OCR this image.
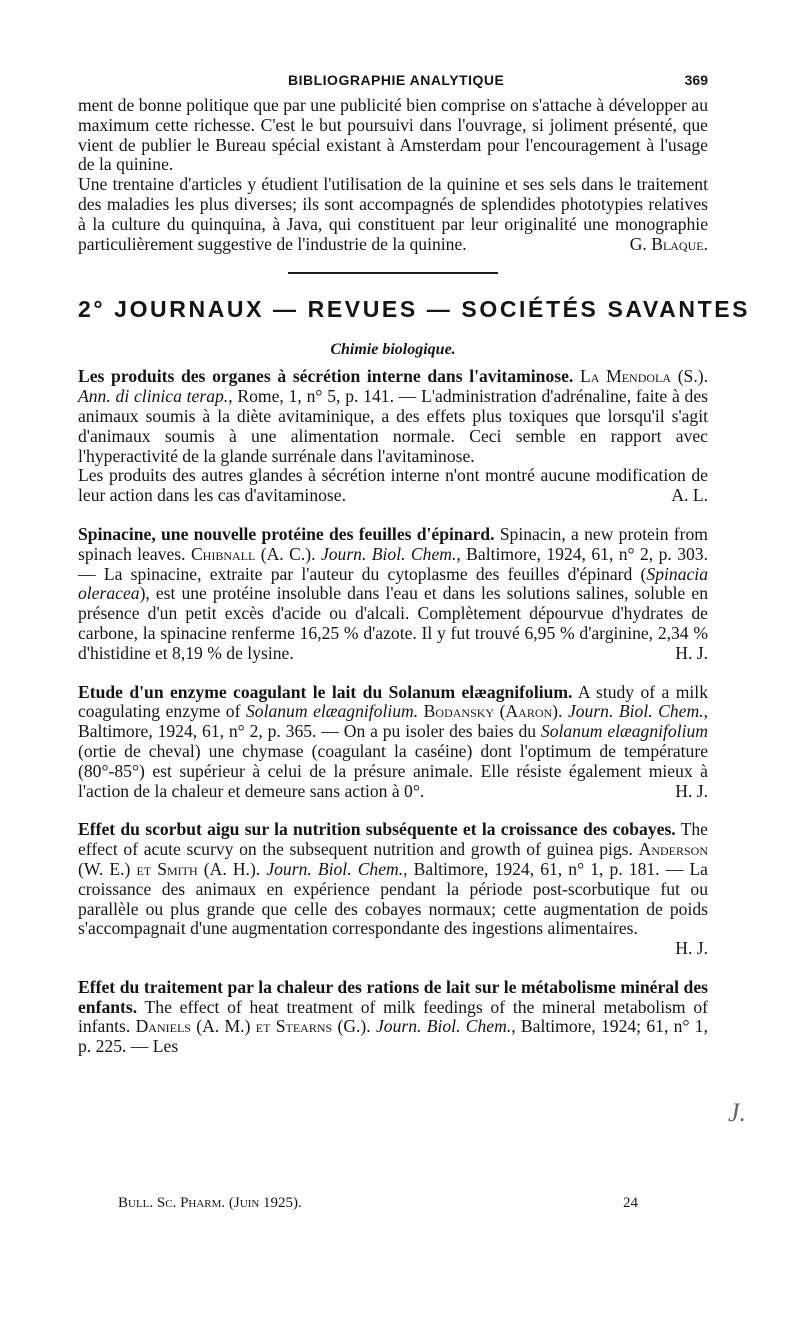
BIBLIOGRAPHIE ANALYTIQUE	369

ment de bonne politique que par une publicité bien comprise on s'attache à développer au maximum cette richesse. C'est le but poursuivi dans l'ouvrage, si joliment présenté, que vient de publier le Bureau spécial existant à Amsterdam pour l'encouragement à l'usage de la quinine.

Une trentaine d'articles y étudient l'utilisation de la quinine et ses sels dans le traitement des maladies les plus diverses; ils sont accompagnés de splendides phototypies relatives à la culture du quinquina, à Java, qui constituent par leur originalité une monographie particulièrement suggestive de l'industrie de la quinine.	G. Blaque.

2° JOURNAUX — REVUES — SOCIÉTÉS SAVANTES
Chimie biologique.

Les produits des organes à sécrétion interne dans l'avitaminose. La Mendola (S.). Ann. di clinica terap., Rome, 1, n° 5, p. 141. — L'administration d'adrénaline, faite à des animaux soumis à la diète avitaminique, a des effets plus toxiques que lorsqu'il s'agit d'animaux soumis à une alimentation normale. Ceci semble en rapport avec l'hyperactivité de la glande surrénale dans l'avitaminose.

Les produits des autres glandes à sécrétion interne n'ont montré aucune modification de leur action dans les cas d'avitaminose.	A. L.

Spinacine, une nouvelle protéine des feuilles d'épinard. Spinacin, a new protein from spinach leaves. Chibnall (A. C.). Journ. Biol. Chem., Baltimore, 1924, 61, n° 2, p. 303. — La spinacine, extraite par l'auteur du cytoplasme des feuilles d'épinard (Spinacia oleracea), est une protéine insoluble dans l'eau et dans les solutions salines, soluble en présence d'un petit excès d'acide ou d'alcali. Complètement dépourvue d'hydrates de carbone, la spinacine renferme 16,25 % d'azote. Il y fut trouvé 6,95 % d'arginine, 2,34 % d'histidine et 8,19 % de lysine.	H. J.

Etude d'un enzyme coagulant le lait du Solanum elæagnifolium. A study of a milk coagulating enzyme of Solanum elæagnifolium. Bodansky (Aaron). Journ. Biol. Chem., Baltimore, 1924, 61, n° 2, p. 365. — On a pu isoler des baies du Solanum elæagnifolium (ortie de cheval) une chymase (coagulant la caséine) dont l'optimum de température (80°-85°) est supérieur à celui de la présure animale. Elle résiste également mieux à l'action de la chaleur et demeure sans action à 0°.	H. J.

Effet du scorbut aigu sur la nutrition subséquente et la croissance des cobayes. The effect of acute scurvy on the subsequent nutrition and growth of guinea pigs. Anderson (W. E.) et Smith (A. H.). Journ. Biol. Chem., Baltimore, 1924, 61, n° 1, p. 181. — La croissance des animaux en expérience pendant la période post-scorbutique fut ou parallèle ou plus grande que celle des cobayes normaux; cette augmentation de poids s'accompagnait d'une augmentation correspondante des ingestions alimentaires.

H. J.

Effet du traitement par la chaleur des rations de lait sur le métabolisme minéral des enfants. The effect of heat treatment of milk feedings of the mineral metabolism of infants. Daniels (A. M.) et Stearns (G.). Journ. Biol. Chem., Baltimore, 1924; 61, n° 1, p. 225. — Les

J.
Bull. Sc. Pharm. (Juin 1925).	24
